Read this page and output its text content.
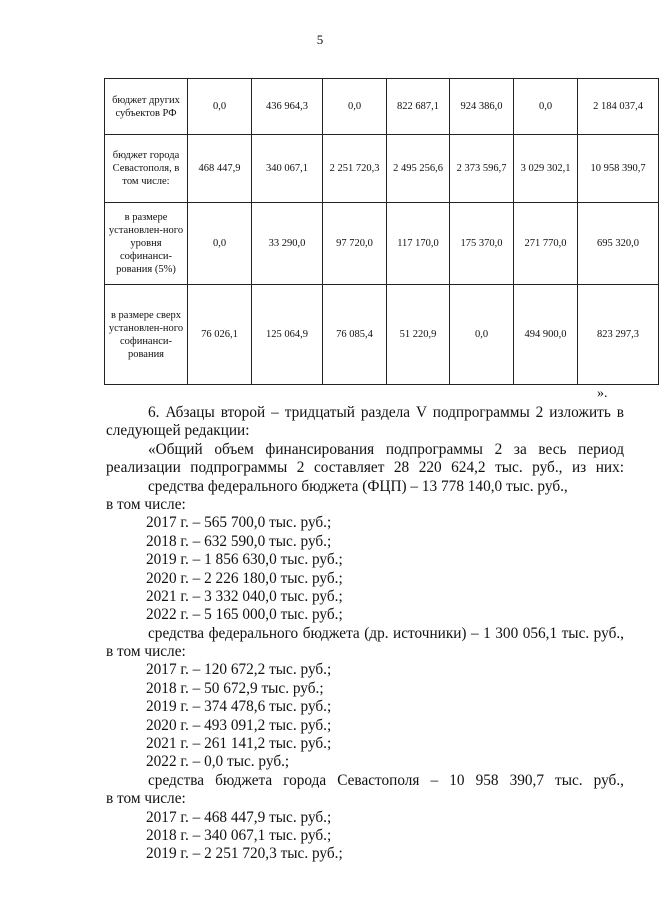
5
бюджет других субъектов РФ	0,0	436 964,3	0,0	822 687,1	924 386,0	0,0	2 184 037,4
бюджет города Севастополя, в том числе:	468 447,9	340 067,1	2 251 720,3	2 495 256,6	2 373 596,7	3 029 302,1	10 958 390,7
в размере установлен-ного уровня софинанси-рования (5%)	0,0	33 290,0	97 720,0	117 170,0	175 370,0	271 770,0	695 320,0
в размере сверх установлен-ного софинанси-рования	76 026,1	125 064,9	76 085,4	51 220,9	0,0	494 900,0	823 297,3
».
6. Абзацы второй – тридцатый раздела V подпрограммы 2 изложить в
следующей редакции:
«Общий объем финансирования подпрограммы 2 за весь период
реализации подпрограммы 2 составляет 28 220 624,2 тыс. руб., из них:
средства федерального бюджета (ФЦП) – 13 778 140,0 тыс. руб.,
в том числе:
2017 г. – 565 700,0 тыс. руб.;
2018 г. – 632 590,0 тыс. руб.;
2019 г. – 1 856 630,0 тыс. руб.;
2020 г. – 2 226 180,0 тыс. руб.;
2021 г. – 3 332 040,0 тыс. руб.;
2022 г. – 5 165 000,0 тыс. руб.;
средства федерального бюджета (др. источники) – 1 300 056,1 тыс. руб.,
в том числе:
2017 г. – 120 672,2 тыс. руб.;
2018 г. – 50 672,9 тыс. руб.;
2019 г. – 374 478,6 тыс. руб.;
2020 г. – 493 091,2 тыс. руб.;
2021 г. – 261 141,2 тыс. руб.;
2022 г. – 0,0 тыс. руб.;
средства бюджета города Севастополя – 10 958 390,7 тыс. руб.,
в том числе:
2017 г. – 468 447,9 тыс. руб.;
2018 г. – 340 067,1 тыс. руб.;
2019 г. – 2 251 720,3 тыс. руб.;
